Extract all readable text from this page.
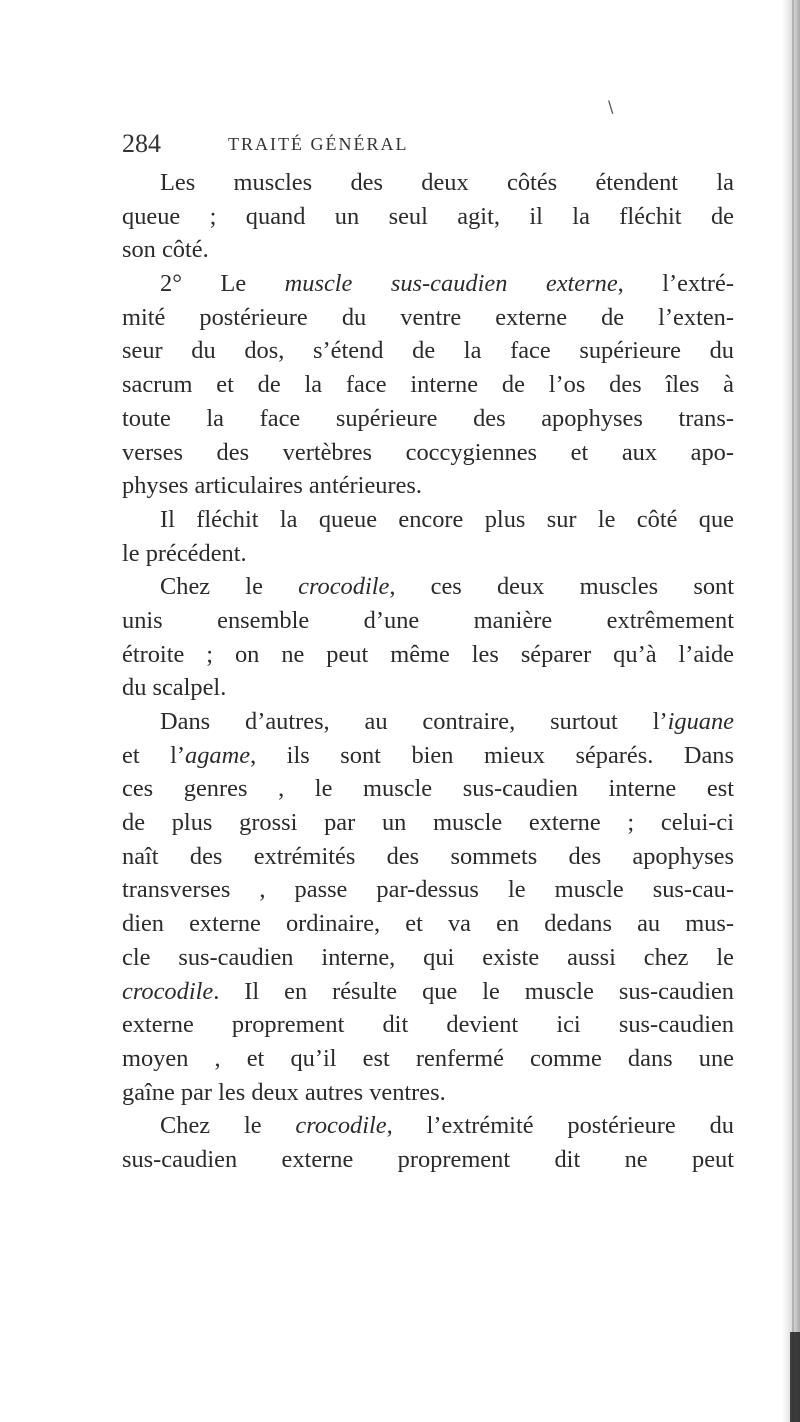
\
284	TRAITÉ GÉNÉRAL
Les muscles des deux côtés étendent la
queue ; quand un seul agit, il la fléchit de
son côté.
2° Le muscle sus-caudien externe, l’extré-
mité postérieure du ventre externe de l’exten-
seur du dos, s’étend de la face supérieure du
sacrum et de la face interne de l’os des îles à
toute la face supérieure des apophyses trans-
verses des vertèbres coccygiennes et aux apo-
physes articulaires antérieures.
Il fléchit la queue encore plus sur le côté que
le précédent.
Chez le crocodile, ces deux muscles sont
unis ensemble d’une manière extrêmement
étroite ; on ne peut même les séparer qu’à l’aide
du scalpel.
Dans d’autres, au contraire, surtout l’iguane
et l’agame, ils sont bien mieux séparés. Dans
ces genres , le muscle sus-caudien interne est
de plus grossi par un muscle externe ; celui-ci
naît des extrémités des sommets des apophyses
transverses , passe par-dessus le muscle sus-cau-
dien externe ordinaire, et va en dedans au mus-
cle sus-caudien interne, qui existe aussi chez le
crocodile. Il en résulte que le muscle sus-caudien
externe proprement dit devient ici sus-caudien
moyen , et qu’il est renfermé comme dans une
gaîne par les deux autres ventres.
Chez le crocodile, l’extrémité postérieure du
sus-caudien externe proprement dit ne peut
